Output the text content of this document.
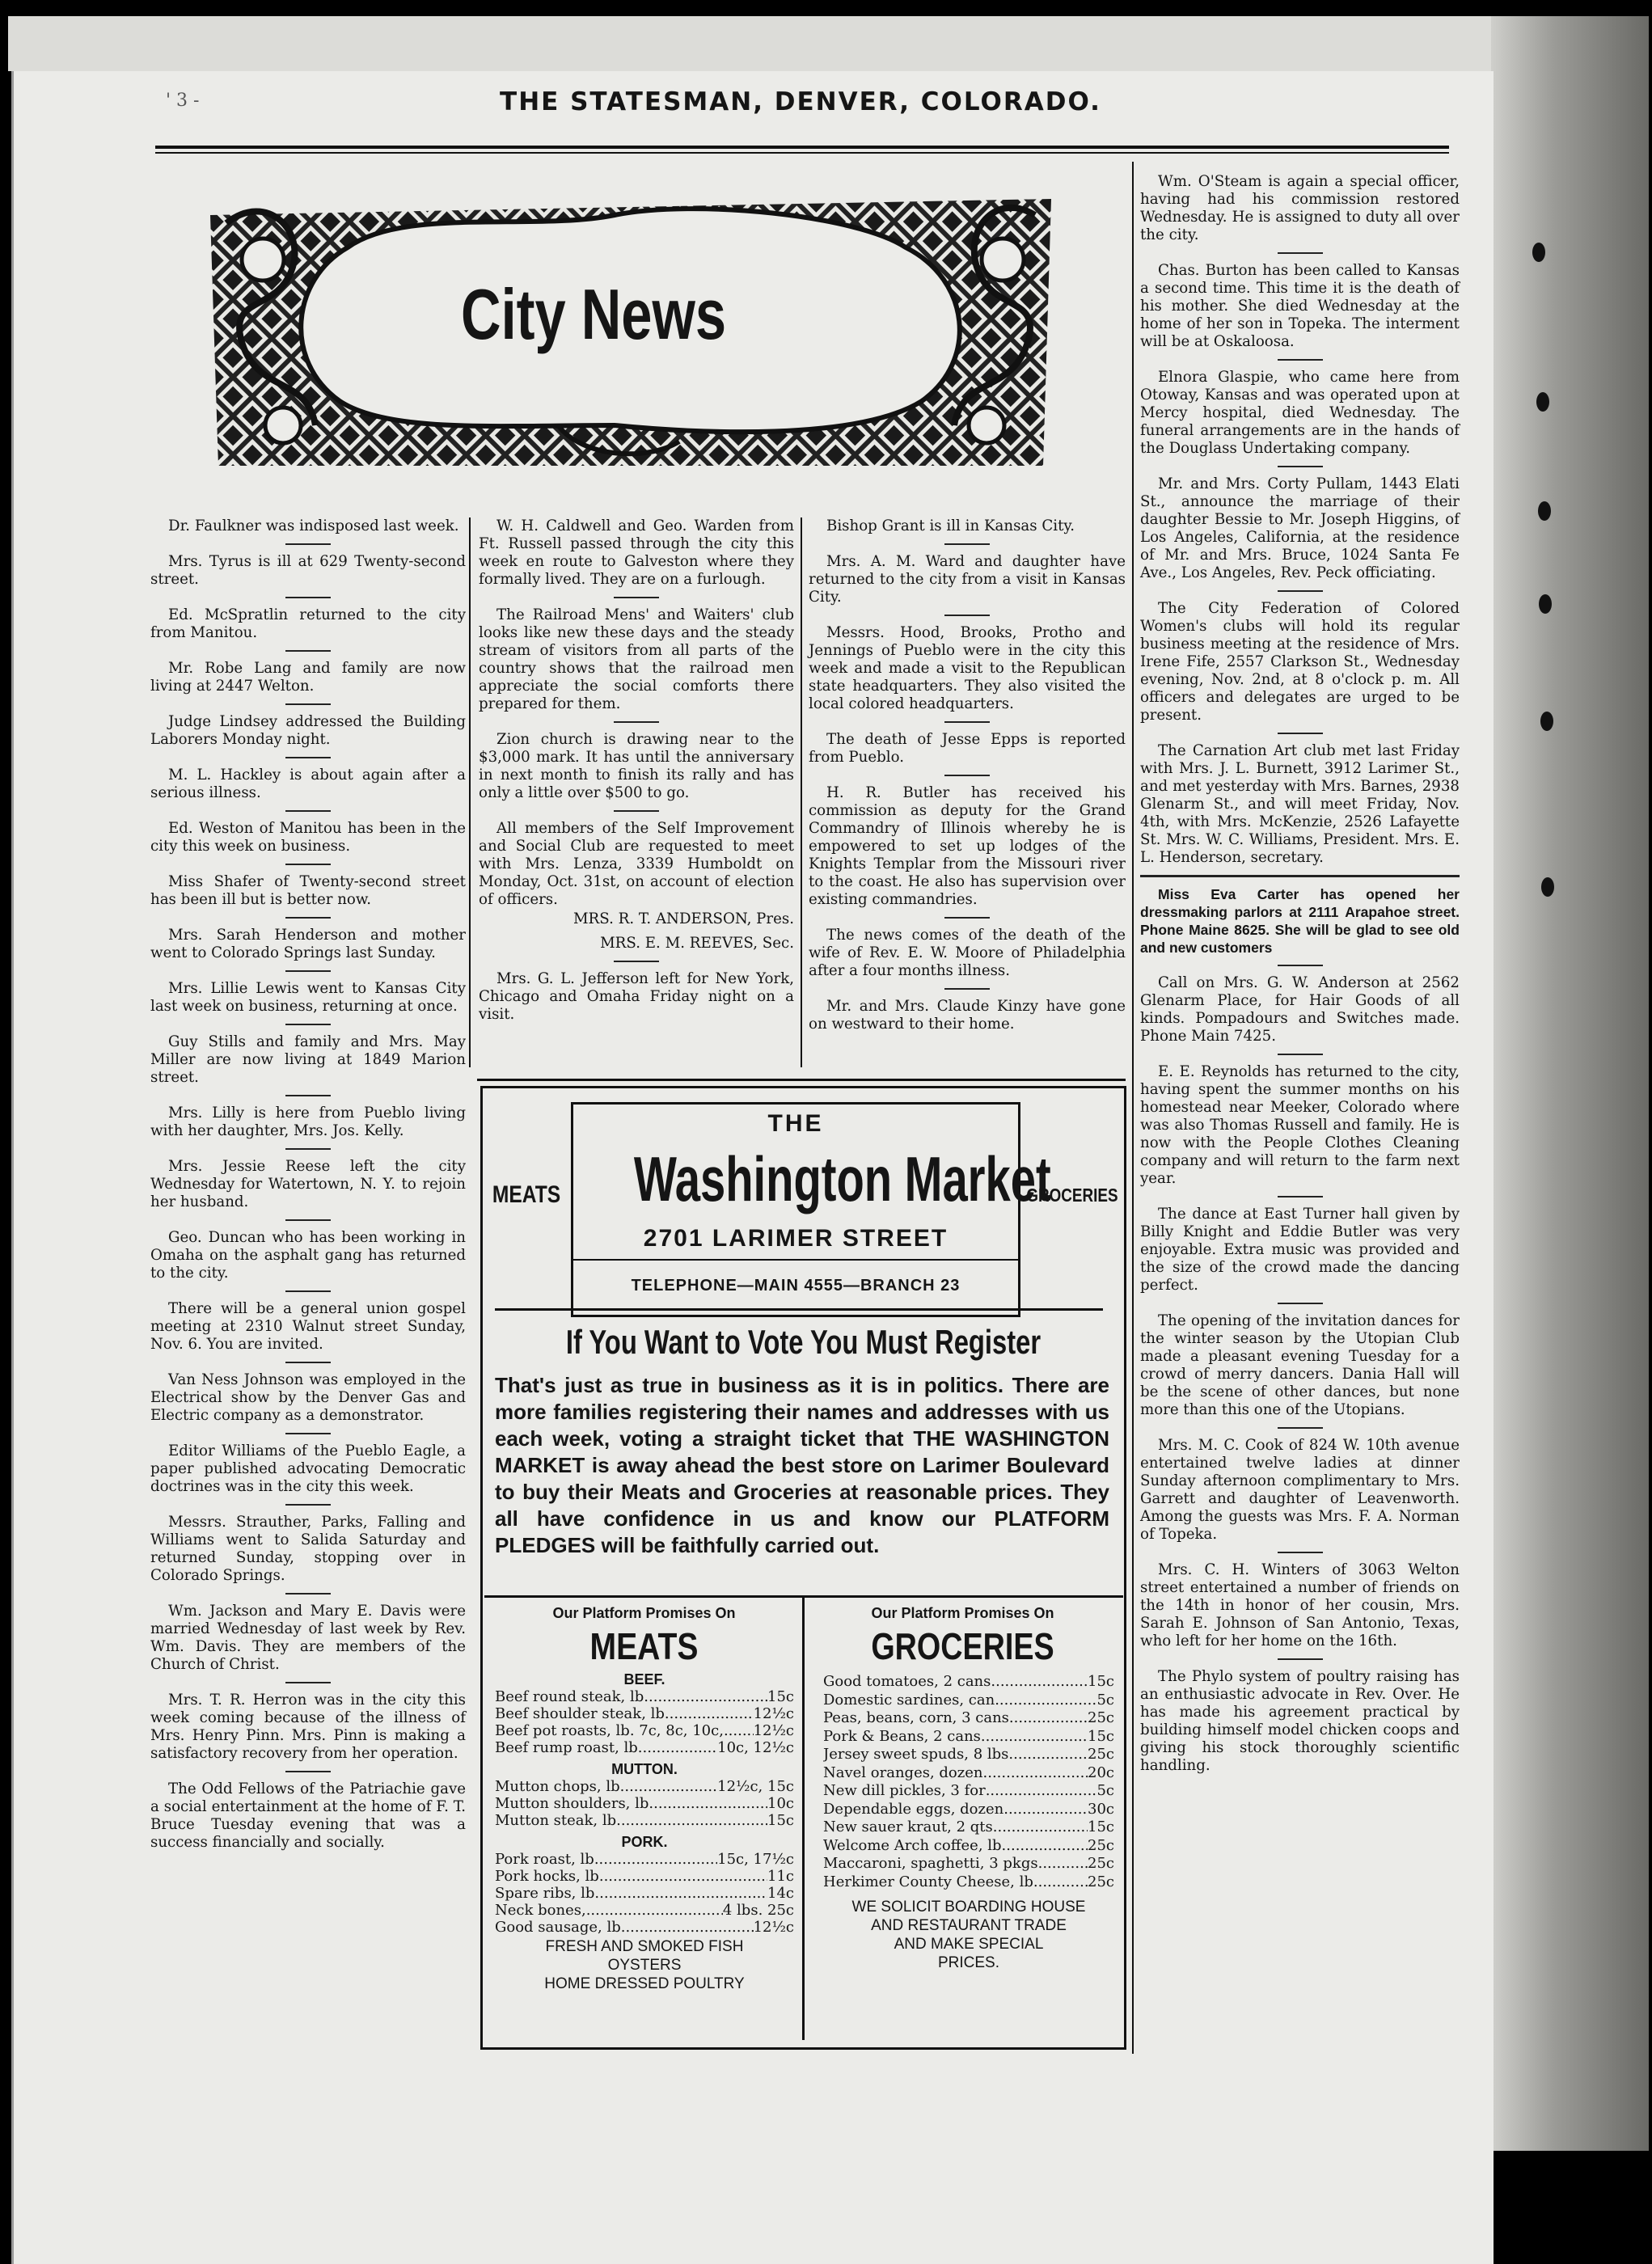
' 3 -	THE STATESMAN, DENVER, COLORADO.
City News

Dr. Faulkner was indisposed last week.

Mrs. Tyrus is ill at 629 Twenty-second street.

Ed. McSpratlin returned to the city from Manitou.

Mr. Robe Lang and family are now living at 2447 Welton.

Judge Lindsey addressed the Building Laborers Monday night.

M. L. Hackley is about again after a serious illness.

Ed. Weston of Manitou has been in the city this week on business.

Miss Shafer of Twenty-second street has been ill but is better now.

Mrs. Sarah Henderson and mother went to Colorado Springs last Sunday.

Mrs. Lillie Lewis went to Kansas City last week on business, returning at once.

Guy Stills and family and Mrs. May Miller are now living at 1849 Marion street.

Mrs. Lilly is here from Pueblo living with her daughter, Mrs. Jos. Kelly.

Mrs. Jessie Reese left the city Wednesday for Watertown, N. Y. to rejoin her husband.

Geo. Duncan who has been working in Omaha on the asphalt gang has returned to the city.

There will be a general union gospel meeting at 2310 Walnut street Sunday, Nov. 6. You are invited.

Van Ness Johnson was employed in the Electrical show by the Denver Gas and Electric company as a demonstrator.

Editor Williams of the Pueblo Eagle, a paper published advocating Democratic doctrines was in the city this week.

Messrs. Strauther, Parks, Falling and Williams went to Salida Saturday and returned Sunday, stopping over in Colorado Springs.

Wm. Jackson and Mary E. Davis were married Wednesday of last week by Rev. Wm. Davis. They are members of the Church of Christ.

Mrs. T. R. Herron was in the city this week coming because of the illness of Mrs. Henry Pinn. Mrs. Pinn is making a satisfactory recovery from her operation.

The Odd Fellows of the Patriachie gave a social entertainment at the home of F. T. Bruce Tuesday evening that was a success financially and socially.

W. H. Caldwell and Geo. Warden from Ft. Russell passed through the city this week en route to Galveston where they formally lived. They are on a furlough.

The Railroad Mens' and Waiters' club looks like new these days and the steady stream of visitors from all parts of the country shows that the railroad men appreciate the social comforts there prepared for them.

Zion church is drawing near to the $3,000 mark. It has until the anniversary in next month to finish its rally and has only a little over $500 to go.

All members of the Self Improvement and Social Club are requested to meet with Mrs. Lenza, 3339 Humboldt on Monday, Oct. 31st, on account of election of officers.

MRS. R. T. ANDERSON, Pres.

MRS. E. M. REEVES, Sec.

Mrs. G. L. Jefferson left for New York, Chicago and Omaha Friday night on a visit.

Bishop Grant is ill in Kansas City.

Mrs. A. M. Ward and daughter have returned to the city from a visit in Kansas City.

Messrs. Hood, Brooks, Protho and Jennings of Pueblo were in the city this week and made a visit to the Republican state headquarters. They also visited the local colored headquarters.

The death of Jesse Epps is reported from Pueblo.

H. R. Butler has received his commission as deputy for the Grand Commandry of Illinois whereby he is empowered to set up lodges of the Knights Templar from the Missouri river to the coast. He also has supervision over existing commandries.

The news comes of the death of the wife of Rev. E. W. Moore of Philadelphia after a four months illness.

Mr. and Mrs. Claude Kinzy have gone on westward to their home.

Wm. O'Steam is again a special officer, having had his commission restored Wednesday. He is assigned to duty all over the city.

Chas. Burton has been called to Kansas a second time. This time it is the death of his mother. She died Wednesday at the home of her son in Topeka. The interment will be at Oskaloosa.

Elnora Glaspie, who came here from Otoway, Kansas and was operated upon at Mercy hospital, died Wednesday. The funeral arrangements are in the hands of the Douglass Undertaking company.

Mr. and Mrs. Corty Pullam, 1443 Elati St., announce the marriage of their daughter Bessie to Mr. Joseph Higgins, of Los Angeles, California, at the residence of Mr. and Mrs. Bruce, 1024 Santa Fe Ave., Los Angeles, Rev. Peck officiating.

The City Federation of Colored Women's clubs will hold its regular business meeting at the residence of Mrs. Irene Fife, 2557 Clarkson St., Wednesday evening, Nov. 2nd, at 8 o'clock p. m. All officers and delegates are urged to be present.

The Carnation Art club met last Friday with Mrs. J. L. Burnett, 3912 Larimer St., and met yesterday with Mrs. Barnes, 2938 Glenarm St., and will meet Friday, Nov. 4th, with Mrs. McKenzie, 2526 Lafayette St. Mrs. W. C. Williams, President. Mrs. E. L. Henderson, secretary.

Miss Eva Carter has opened her dressmaking parlors at 2111 Arapahoe street. Phone Maine 8625. She will be glad to see old and new customers

Call on Mrs. G. W. Anderson at 2562 Glenarm Place, for Hair Goods of all kinds. Pompadours and Switches made. Phone Main 7425.

E. E. Reynolds has returned to the city, having spent the summer months on his homestead near Meeker, Colorado where was also Thomas Russell and family. He is now with the People Clothes Cleaning company and will return to the farm next year.

The dance at East Turner hall given by Billy Knight and Eddie Butler was very enjoyable. Extra music was provided and the size of the crowd made the dancing perfect.

The opening of the invitation dances for the winter season by the Utopian Club made a pleasant evening Tuesday for a crowd of merry dancers. Dania Hall will be the scene of other dances, but none more than this one of the Utopians.

Mrs. M. C. Cook of 824 W. 10th avenue entertained twelve ladies at dinner Sunday afternoon complimentary to Mrs. Garrett and daughter of Leavenworth. Among the guests was Mrs. F. A. Norman of Topeka.

Mrs. C. H. Winters of 3063 Welton street entertained a number of friends on the 14th in honor of her cousin, Mrs. Sarah E. Johnson of San Antonio, Texas, who left for her home on the 16th.

The Phylo system of poultry raising has an enthusiastic advocate in Rev. Over. He has made his agreement practical by building himself model chicken coops and giving his stock thoroughly scientific handling.

THE
Washington Market
2701 LARIMER STREET
TELEPHONE—MAIN 4555—BRANCH 23
MEATS	GROCERIES
If You Want to Vote You Must Register
That's just as true in business as it is in politics. There are more families registering their names and addresses with us each week, voting a straight ticket that THE WASHINGTON MARKET is away ahead the best store on Larimer Boulevard to buy their Meats and Groceries at reasonable prices. They all have confidence in us and know our PLATFORM PLEDGES will be faithfully carried out.
Our Platform Promises On
MEATS
BEEF.
Beef round steak, lb .....	15c
Beef shoulder steak, lb .....	12½c
Beef pot roasts, lb. 7c, 8c, 10c, ..... 12½c
Beef rump roast, lb .....	10c, 12½c
MUTTON.
Mutton chops, lb .....	12½c, 15c
Mutton shoulders, lb .....	10c
Mutton steak, lb .....	15c
PORK.
Pork roast, lb .....	15c, 17½c
Pork hocks, lb .....	11c
Spare ribs, lb .....	14c
Neck bones, .....	4 lbs. 25c
Good sausage, lb .....	12½c
FRESH AND SMOKED FISH
OYSTERS
HOME DRESSED POULTRY
Our Platform Promises On
GROCERIES
Good tomatoes, 2 cans .....	15c
Domestic sardines, can .....	5c
Peas, beans, corn, 3 cans .....	25c
Pork & Beans, 2 cans .....	15c
Jersey sweet spuds, 8 lbs .....	25c
Navel oranges, dozen .....	20c
New dill pickles, 3 for .....	5c
Dependable eggs, dozen .....	30c
New sauer kraut, 2 qts .....	15c
Welcome Arch coffee, lb .....	25c
Maccaroni, spaghetti, 3 pkgs .....	25c
Herkimer County Cheese, lb .....	25c
WE SOLICIT BOARDING HOUSE
AND RESTAURANT TRADE
AND MAKE SPECIAL
PRICES.
